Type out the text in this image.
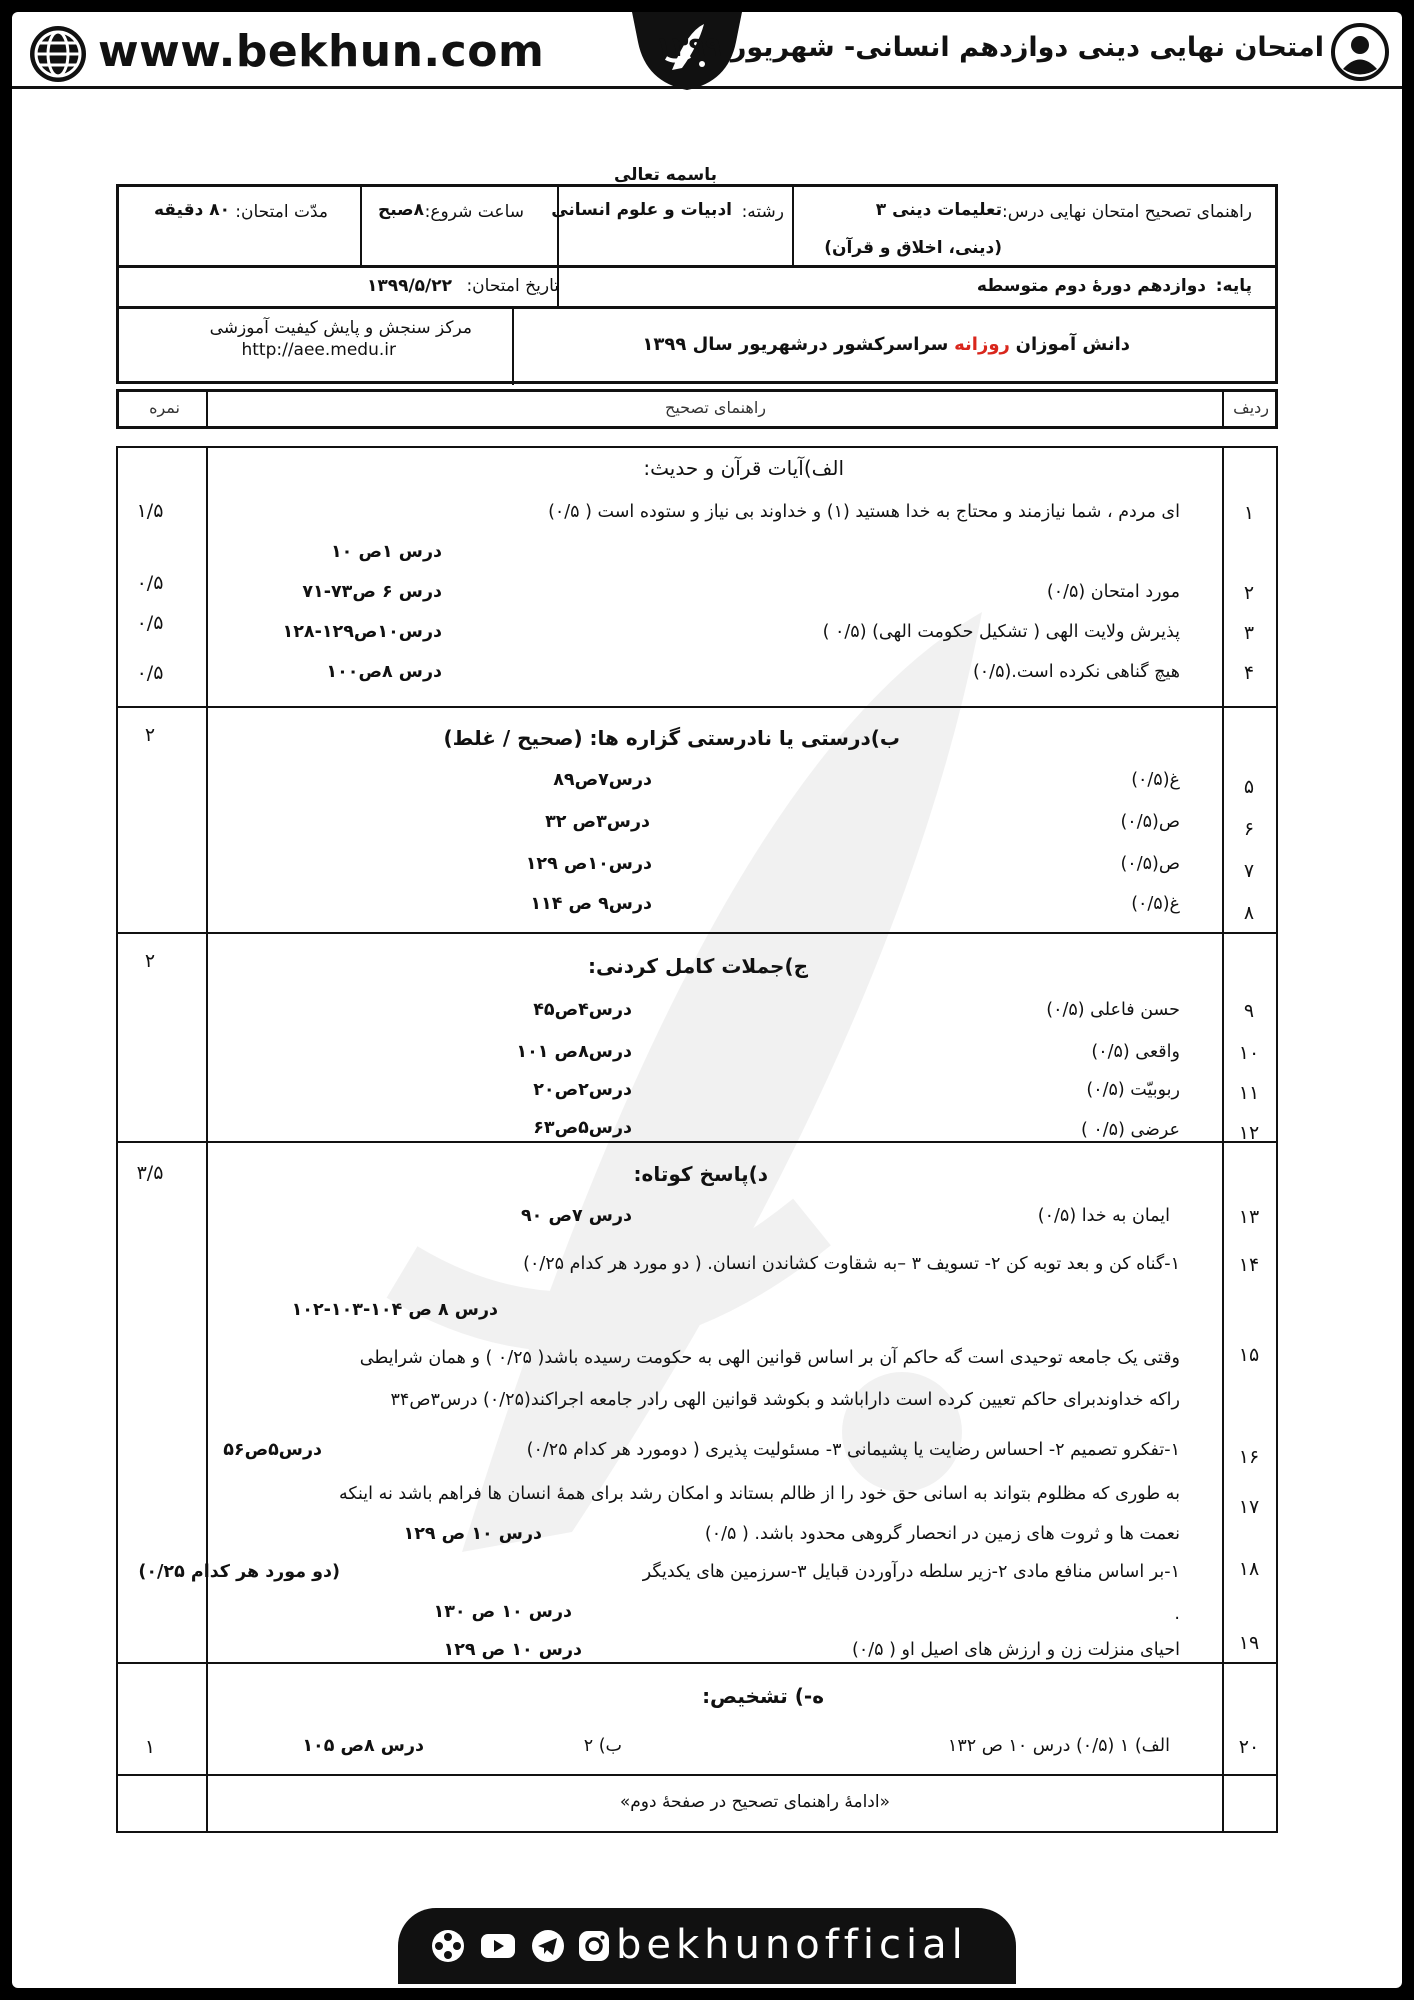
www.bekhun.com	امتحان نهایی دینی دوازدهم انسانی- شهریور ۱۳۹۹
باسمه تعالی
راهنمای تصحیح امتحان نهایی درس:
تعلیمات دینی ۳
(دینی، اخلاق و قرآن)
رشته:
ادبیات و علوم انسانی
ساعت شروع:
۸صبح
مدّت امتحان:
۸۰ دقیقه
پایه:
دوازدهم دورۀ دوم متوسطه
تاریخ امتحان:
۱۳۹۹/۵/۲۲
دانش آموزان روزانه سراسرکشور درشهریور سال ۱۳۹۹
مرکز سنجش و پایش کیفیت آموزشی
http://aee.medu.ir
ردیف
راهنمای تصحیح
نمره
الف)آیات قرآن و حدیث:
۱
ای مردم ، شما نیازمند و محتاج به خدا هستید (۱) و خداوند بی نیاز و ستوده است ( ۰/۵)
درس ۱ص ۱۰
۱/۵
۲
مورد امتحان (۰/۵)
درس ۶ ص۷۳-۷۱
۰/۵
۳
پذیرش ولایت الهی ( تشکیل حکومت الهی) (۰/۵ )
درس۱۰ص۱۲۹-۱۲۸
۰/۵
۴
هیچ گناهی نکرده است.(۰/۵)
درس ۸ص۱۰۰
۰/۵
ب)درستی یا نادرستی گزاره ها: (صحیح / غلط)
۲
۵
غ(۰/۵)
درس۷ص۸۹
۶
ص(۰/۵)
درس۳ص ۳۲
۷
ص(۰/۵)
درس۱۰ص ۱۲۹
۸
غ(۰/۵)
درس۹ ص ۱۱۴
ج)جملات کامل کردنی:
۲
۹
حسن فاعلی (۰/۵)
درس۴ص۴۵
۱۰
واقعی (۰/۵)
درس۸ص ۱۰۱
۱۱
ربوبیّت (۰/۵)
درس۲ص۲۰
۱۲
عرضی (۰/۵ )
درس۵ص۶۳
د)پاسخ کوتاه:
۳/۵
۱۳
ایمان به خدا (۰/۵)
درس ۷ص ۹۰
۱۴
۱-گناه کن و بعد توبه کن ۲- تسویف ۳ –به شقاوت کشاندن انسان. ( دو مورد هر کدام ۰/۲۵)
درس ۸ ص ۱۰۴-۱۰۳-۱۰۲
۱۵
وقتی یک جامعه توحیدی است گه حاکم آن بر اساس قوانین الهی به حکومت رسیده باشد( ۰/۲۵ ) و همان شرایطی
راکه خداوندبرای حاکم تعیین کرده است داراباشد و بکوشد قوانین الهی رادر جامعه اجراکند(۰/۲۵) درس۳ص۳۴
۱۶
۱-تفکرو تصمیم ۲- احساس رضایت یا پشیمانی ۳- مسئولیت پذیری ( دومورد هر کدام ۰/۲۵)
درس۵ص۵۶
۱۷
به طوری که مظلوم بتواند به اسانی حق خود را از ظالم بستاند و امکان رشد برای همۀ انسان ها فراهم باشد نه اینکه
نعمت ها و ثروت های زمین در انحصار گروهی محدود باشد. ( ۰/۵)
درس ۱۰ ص ۱۲۹
۱۸
۱-بر اساس منافع مادی ۲-زیر سلطه درآوردن قبایل ۳-سرزمین های یکدیگر
(دو مورد هر کدام ۰/۲۵)
درس ۱۰ ص ۱۳۰	.
۱۹
احیای منزلت زن و ارزش های اصیل او ( ۰/۵)
درس ۱۰ ص ۱۲۹
ه-) تشخیص:
۲۰
الف) ۱ (۰/۵) درس ۱۰ ص ۱۳۲
ب) ۲
درس ۸ص ۱۰۵
۱
«ادامۀ راهنمای تصحیح در صفحۀ دوم»
bekhunofficial
